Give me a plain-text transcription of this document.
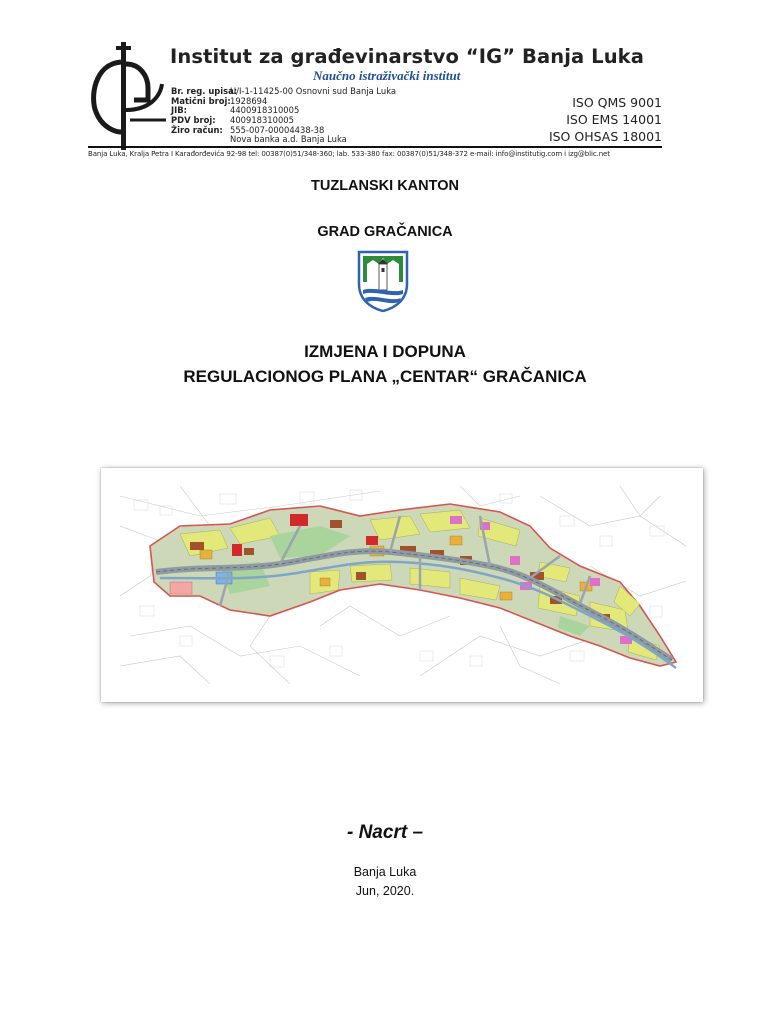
Institut za građevinarstvo “IG” Banja Luka
Naučno istraživački institut
Br. reg. upisa:
U/I-1-11425-00 Osnovni sud Banja Luka
Matični broj: 1928694
JIB:	4400918310005
PDV broj: 400918310005
Žiro račun: 555-007-00004438-38
Nova banka a.d. Banja Luka
ISO QMS 9001
ISO EMS 14001
ISO OHSAS 18001
Banja Luka, Kralja Petra I Karađorđevića 92-98 tel: 00387(0)51/348-360; lab. 533-380 fax: 00387(0)51/348-372 e-mail: info@institutig.com i izg@blic.net
TUZLANSKI KANTON
GRAD GRAČANICA
IZMJENA I DOPUNA
REGULACIONOG PLANA „CENTAR“ GRAČANICA
- Nacrt –
Banja Luka
Jun, 2020.
